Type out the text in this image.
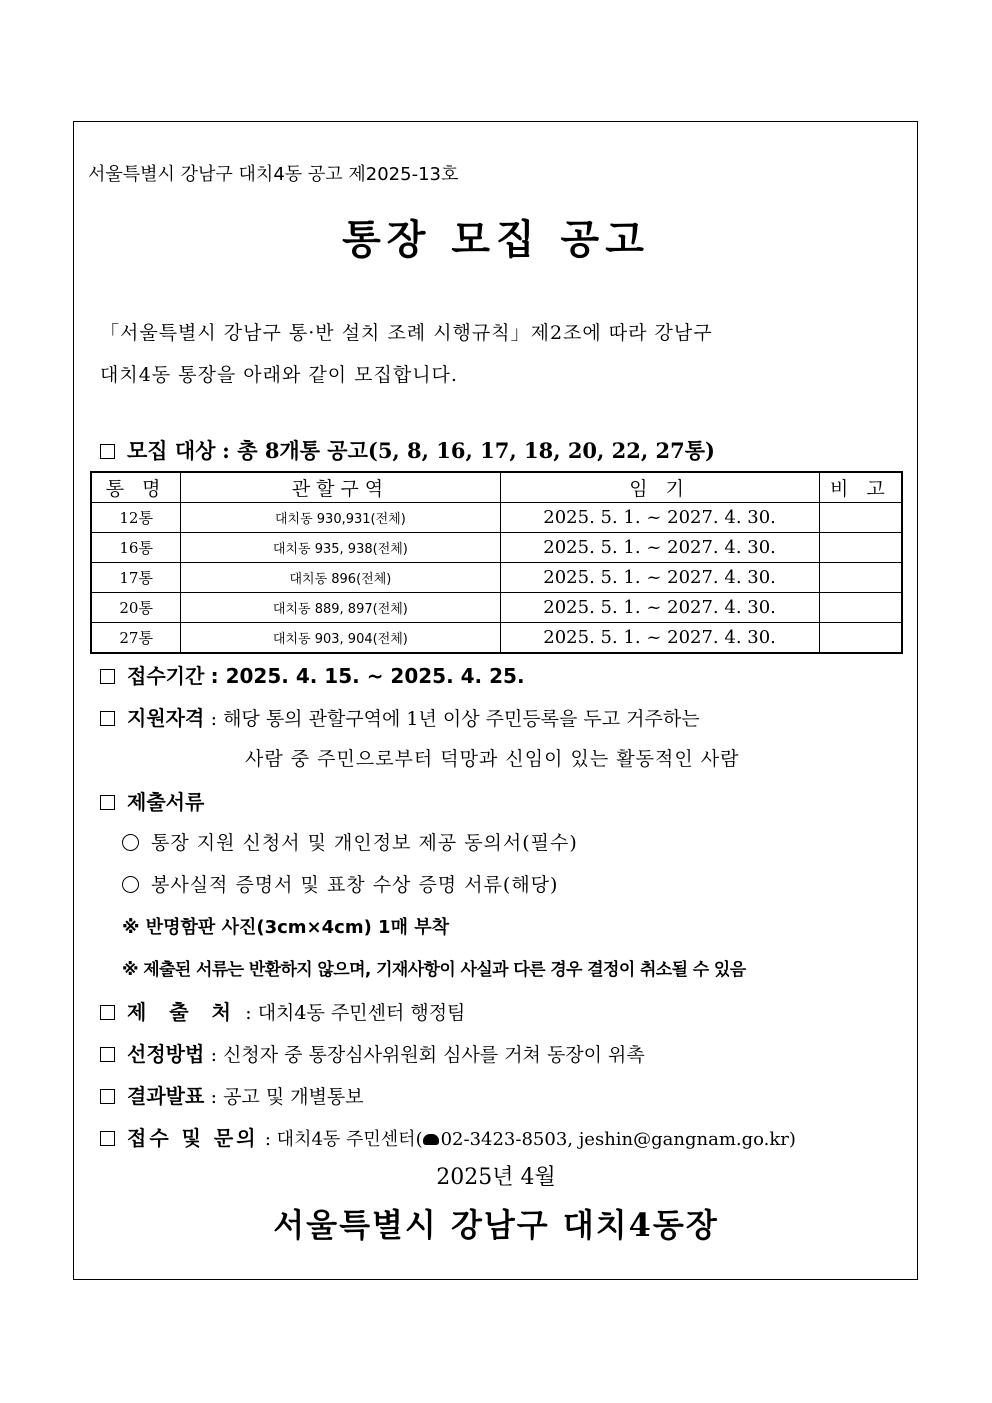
서울특별시 강남구 대치4동 공고 제2025-13호
통장 모집 공고
「서울특별시 강남구 통·반 설치 조례 시행규칙」제2조에 따라 강남구
대치4동 통장을 아래와 같이 모집합니다.
모집 대상 : 총 8개통 공고(5, 8, 16, 17, 18, 20, 22, 27통)
통 명	관할구역	임 기	비 고
12통	대치동 930,931(전체)	2025. 5. 1. ~ 2027. 4. 30.	
16통	대치동 935, 938(전체)	2025. 5. 1. ~ 2027. 4. 30.	
17통	대치동 896(전체)	2025. 5. 1. ~ 2027. 4. 30.	
20통	대치동 889, 897(전체)	2025. 5. 1. ~ 2027. 4. 30.	
27통	대치동 903, 904(전체)	2025. 5. 1. ~ 2027. 4. 30.	
접수기간 : 2025. 4. 15. ~ 2025. 4. 25.
지원자격 : 해당 통의 관할구역에 1년 이상 주민등록을 두고 거주하는
사람 중 주민으로부터 덕망과 신임이 있는 활동적인 사람
제출서류
통장 지원 신청서 및 개인정보 제공 동의서(필수)
봉사실적 증명서 및 표창 수상 증명 서류(해당)
※ 반명함판 사진(3cm×4cm) 1매 부착
※ 제출된 서류는 반환하지 않으며, 기재사항이 사실과 다른 경우 결정이 취소될 수 있음
제 출 처 : 대치4동 주민센터 행정팀
선정방법 : 신청자 중 통장심사위원회 심사를 거쳐 동장이 위촉
결과발표 : 공고 및 개별통보
접수 및 문의 : 대치4동 주민센터( 02-3423-8503, jeshin@gangnam.go.kr)
2025년 4월
서울특별시 강남구 대치4동장
